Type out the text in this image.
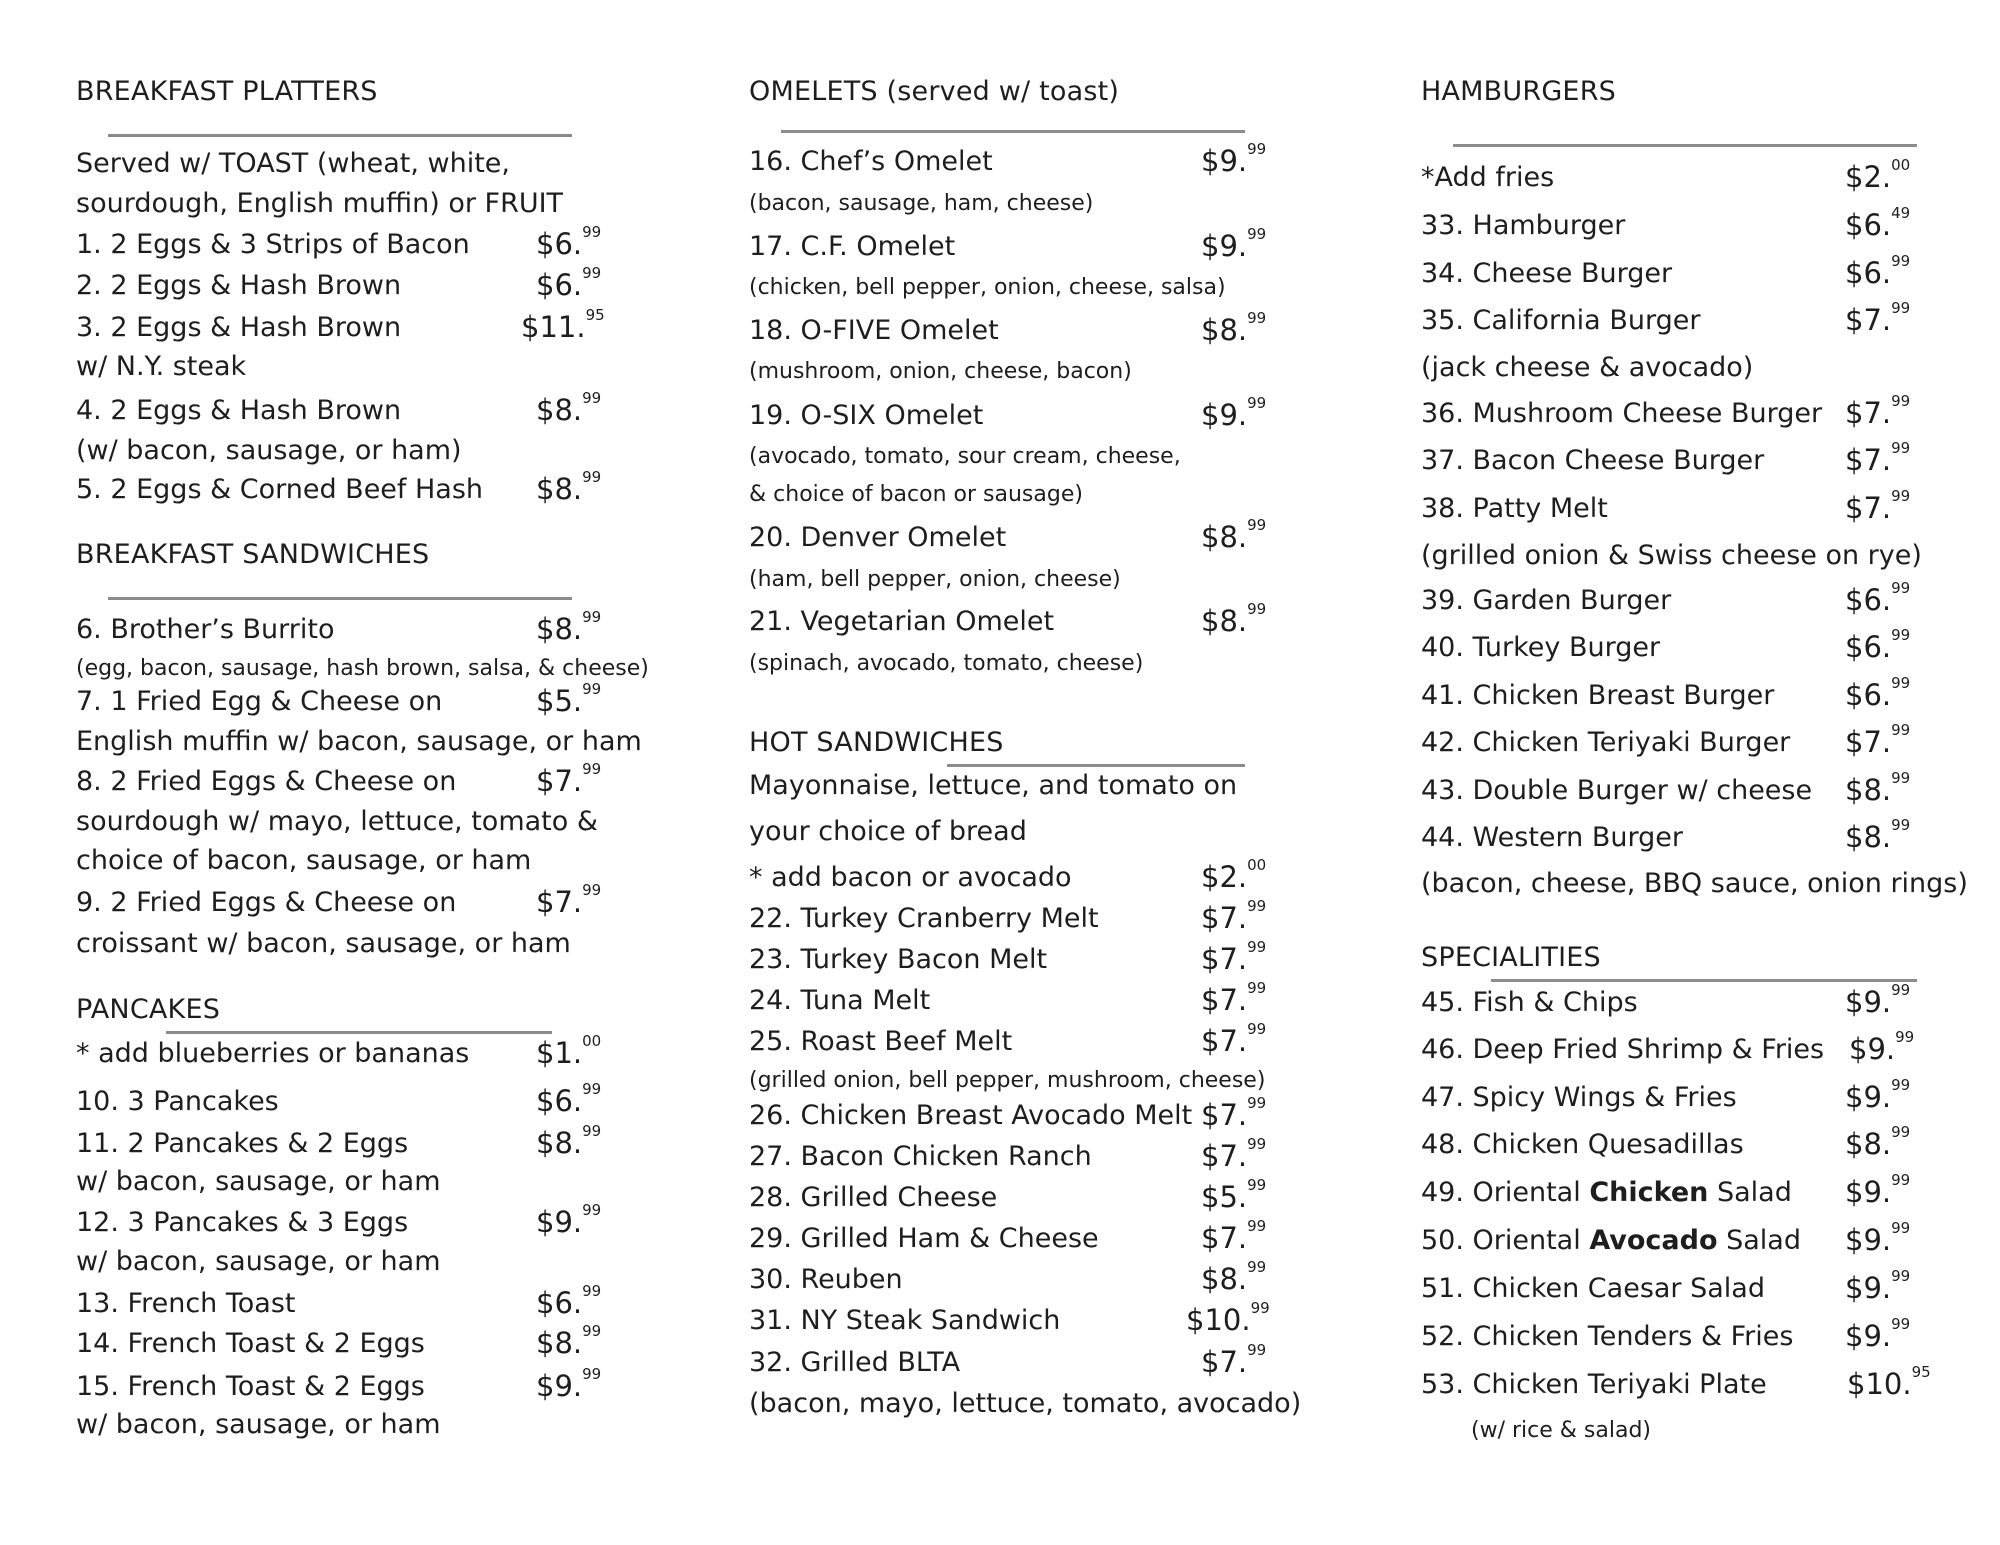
BREAKFAST PLATTERS
Served w/ TOAST (wheat, white,
sourdough, English muffin) or FRUIT
1. 2 Eggs & 3 Strips of Bacon $6.99
2. 2 Eggs & Hash Brown	$6.99
3. 2 Eggs & Hash Brown	$11.95
w/ N.Y. steak
4. 2 Eggs & Hash Brown	$8.99
(w/ bacon, sausage, or ham)
5. 2 Eggs & Corned Beef Hash $8.99
BREAKFAST SANDWICHES
6. Brother’s Burrito	$8.99
(egg, bacon, sausage, hash brown, salsa, & cheese)
7. 1 Fried Egg & Cheese on	$5.99
English muffin w/ bacon, sausage, or ham
8. 2 Fried Eggs & Cheese on	$7.99
sourdough w/ mayo, lettuce, tomato &
choice of bacon, sausage, or ham
9. 2 Fried Eggs & Cheese on	$7.99
croissant w/ bacon, sausage, or ham
PANCAKES
* add blueberries or bananas $1.00
10. 3 Pancakes	$6.99
11. 2 Pancakes & 2 Eggs	$8.99
w/ bacon, sausage, or ham
12. 3 Pancakes & 3 Eggs	$9.99
w/ bacon, sausage, or ham
13. French Toast	$6.99
14. French Toast & 2 Eggs	$8.99
15. French Toast & 2 Eggs	$9.99
w/ bacon, sausage, or ham
OMELETS (served w/ toast)
16. Chef’s Omelet	$9.99
(bacon, sausage, ham, cheese)
17. C.F. Omelet	$9.99
(chicken, bell pepper, onion, cheese, salsa)
18. O-FIVE Omelet	$8.99
(mushroom, onion, cheese, bacon)
19. O-SIX Omelet	$9.99
(avocado, tomato, sour cream, cheese,
& choice of bacon or sausage)
20. Denver Omelet	$8.99
(ham, bell pepper, onion, cheese)
21. Vegetarian Omelet	$8.99
(spinach, avocado, tomato, cheese)
HOT SANDWICHES
Mayonnaise, lettuce, and tomato on
your choice of bread
* add bacon or avocado	$2.00
22. Turkey Cranberry Melt	$7.99
23. Turkey Bacon Melt	$7.99
24. Tuna Melt	$7.99
25. Roast Beef Melt	$7.99
(grilled onion, bell pepper, mushroom, cheese)
26. Chicken Breast Avocado Melt $7.99
27. Bacon Chicken Ranch	$7.99
28. Grilled Cheese	$5.99
29. Grilled Ham & Cheese	$7.99
30. Reuben	$8.99
31. NY Steak Sandwich	$10.99
32. Grilled BLTA	$7.99
(bacon, mayo, lettuce, tomato, avocado)
HAMBURGERS
*Add fries	$2.00
33. Hamburger	$6.49
34. Cheese Burger	$6.99
35. California Burger	$7.99
(jack cheese & avocado)
36. Mushroom Cheese Burger $7.99
37. Bacon Cheese Burger	$7.99
38. Patty Melt	$7.99
(grilled onion & Swiss cheese on rye)
39. Garden Burger	$6.99
40. Turkey Burger	$6.99
41. Chicken Breast Burger $6.99
42. Chicken Teriyaki Burger $7.99
43. Double Burger w/ cheese $8.99
44. Western Burger	$8.99
(bacon, cheese, BBQ sauce, onion rings)
SPECIALITIES
45. Fish & Chips	$9.99
46. Deep Fried Shrimp & Fries $9.99
47. Spicy Wings & Fries	$9.99
48. Chicken Quesadillas	$8.99
49. Oriental Chicken Salad $9.99
50. Oriental Avocado Salad $9.99
51. Chicken Caesar Salad	$9.99
52. Chicken Tenders & Fries $9.99
53. Chicken Teriyaki Plate	$10.95
(w/ rice & salad)
